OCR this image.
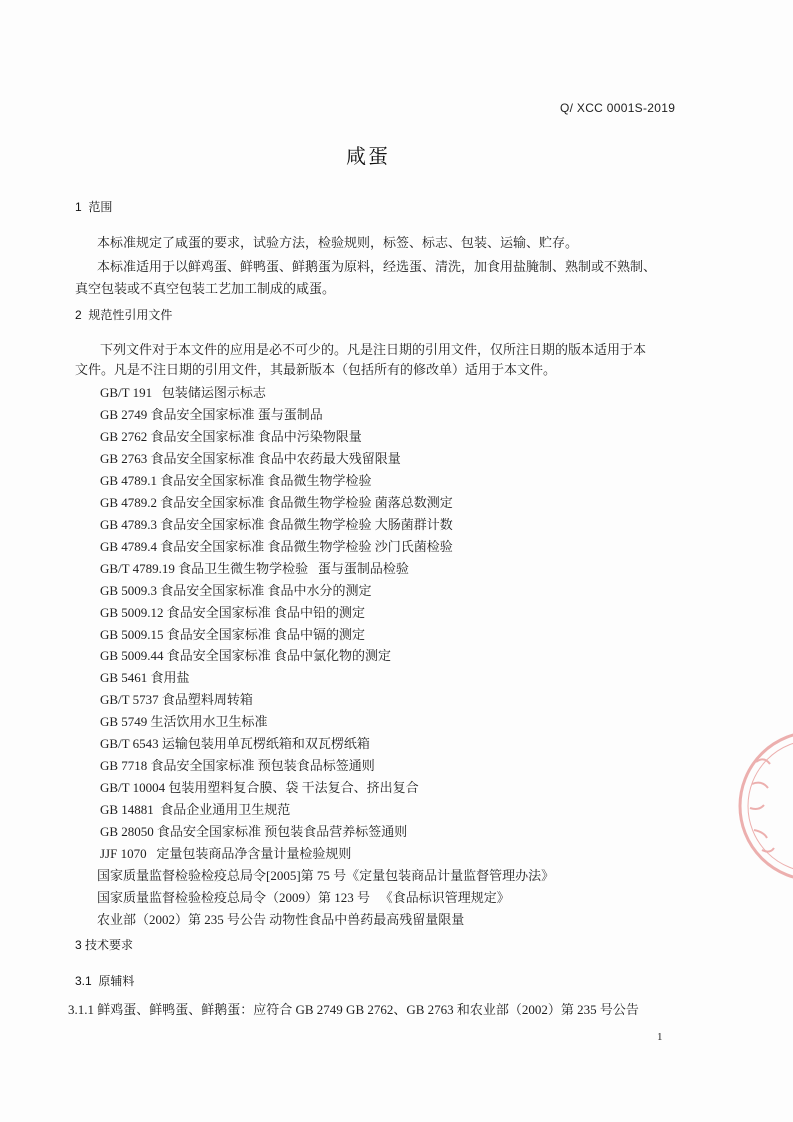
Q/ XCC 0001S-2019
咸蛋
1  范围
本标准规定了咸蛋的要求，试验方法，检验规则，标签、标志、包装、运输、贮存。
本标准适用于以鲜鸡蛋、鲜鸭蛋、鲜鹅蛋为原料，经选蛋、清洗，加食用盐腌制、熟制或不熟制、
真空包装或不真空包装工艺加工制成的咸蛋。
2  规范性引用文件
下列文件对于本文件的应用是必不可少的。凡是注日期的引用文件，仅所注日期的版本适用于本
文件。凡是不注日期的引用文件，其最新版本（包括所有的修改单）适用于本文件。
GB/T 191   包装储运图示标志
GB 2749 食品安全国家标准 蛋与蛋制品
GB 2762 食品安全国家标准 食品中污染物限量
GB 2763 食品安全国家标准 食品中农药最大残留限量
GB 4789.1 食品安全国家标准 食品微生物学检验
GB 4789.2 食品安全国家标准 食品微生物学检验 菌落总数测定
GB 4789.3 食品安全国家标准 食品微生物学检验 大肠菌群计数
GB 4789.4 食品安全国家标准 食品微生物学检验 沙门氏菌检验
GB/T 4789.19 食品卫生微生物学检验   蛋与蛋制品检验
GB 5009.3 食品安全国家标准 食品中水分的测定
GB 5009.12 食品安全国家标准 食品中铅的测定
GB 5009.15 食品安全国家标准 食品中镉的测定
GB 5009.44 食品安全国家标准 食品中氯化物的测定
GB 5461 食用盐
GB/T 5737 食品塑料周转箱
GB 5749 生活饮用水卫生标准
GB/T 6543 运输包装用单瓦楞纸箱和双瓦楞纸箱
GB 7718 食品安全国家标准 预包装食品标签通则
GB/T 10004 包装用塑料复合膜、袋 干法复合、挤出复合
GB 14881  食品企业通用卫生规范
GB 28050 食品安全国家标准 预包装食品营养标签通则
JJF 1070   定量包装商品净含量计量检验规则
国家质量监督检验检疫总局令[2005]第 75 号《定量包装商品计量监督管理办法》
国家质量监督检验检疫总局令（2009）第 123 号   《食品标识管理规定》
农业部（2002）第 235 号公告 动物性食品中兽药最高残留量限量
3 技术要求
3.1  原辅料
3.1.1 鲜鸡蛋、鲜鸭蛋、鲜鹅蛋：应符合 GB 2749 GB 2762、GB 2763 和农业部（2002）第 235 号公告
1
